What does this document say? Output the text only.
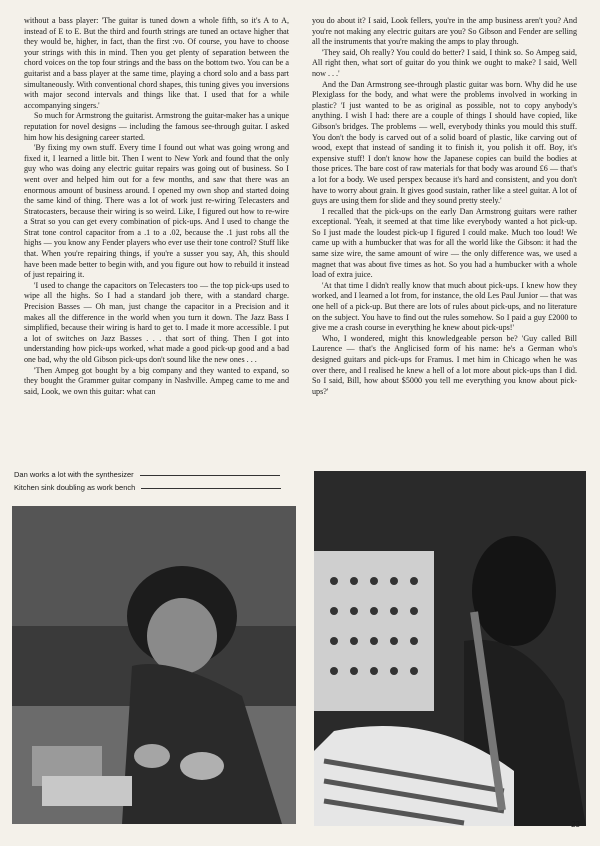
without a bass player: 'The guitar is tuned down a whole fifth, so it's A to A, instead of E to E. But the third and fourth strings are tuned an octave higher that they would be, higher, in fact, than the first :vo. Of course, you have to choose your strings with this in mind. Then you get plenty of separation between the chord voices on the top four strings and the bass on the bottom two. You can be a guitarist and a bass player at the same time, playing a chord solo and a bass part simultaneously. With conventional chord shapes, this tuning gives you inversions with major second intervals and things like that. I used that for a while accompanying singers.'

So much for Armstrong the guitarist. Armstrong the guitar-maker has a unique reputation for novel designs — including the famous see-through guitar. I asked him how his designing career started.

'By fixing my own stuff. Every time I found out what was going wrong and fixed it, I learned a little bit. Then I went to New York and found that the only guy who was doing any electric guitar repairs was going out of business. So I went over and helped him out for a few months, and saw that there was an enormous amount of business around. I opened my own shop and started doing the same kind of thing. There was a lot of work just re-wiring Telecasters and Stratocasters, because their wiring is so weird. Like, I figured out how to re-wire a Strat so you can get every combination of pick-ups. And I used to change the Strat tone control capacitor from a .1 to a .02, because the .1 just robs all the highs — you know any Fender players who ever use their tone control? Stuff like that. When you're repairing things, if you're a susser you say, Ah, this should have been made better to begin with, and you figure out how to rebuild it instead of just repairing it.

'I used to change the capacitors on Telecasters too — the top pick-ups used to wipe all the highs. So I had a standard job there, with a standard charge. Precision Basses — Oh man, just change the capacitor in a Precision and it makes all the difference in the world when you turn it down. The Jazz Bass I simplified, because their wiring is hard to get to. I made it more accessible. I put a lot of switches on Jazz Basses . . . that sort of thing. Then I got into understanding how pick-ups worked, what made a good pick-up good and a bad one bad, why the old Gibson pick-ups don't sound like the new ones . . .

'Then Ampeg got bought by a big company and they wanted to expand, so they bought the Grammer guitar company in Nashville. Ampeg came to me and said, Look, we own this guitar: what can

you do about it? I said, Look fellers, you're in the amp business aren't you? And you're not making any electric guitars are you? So Gibson and Fender are selling all the instruments that you're making the amps to play through.

'They said, Oh really? You could do better? I said, I think so. So Ampeg said, All right then, what sort of guitar do you think we ought to make? I said, Well now . . .'

And the Dan Armstrong see-through plastic guitar was born. Why did he use Plexiglass for the body, and what were the problems involved in working in plastic? 'I just wanted to be as original as possible, not to copy anybody's anything. I wish I had: there are a couple of things I should have copied, like Gibson's bridges. The problems — well, everybody thinks you mould this stuff. You don't the body is carved out of a solid board of plastic, like carving out of wood, exept that instead of sanding it to finish it, you polish it off. Boy, it's expensive stuff! I don't know how the Japanese copies can build the bodies at those prices. The bare cost of raw materials for that body was around £6 — that's a lot for a body. We used perspex because it's hard and consistent, and you don't have to worry about grain. It gives good sustain, rather like a steel guitar. A lot of guys are using them for slide and they sound pretty steely.'

I recalled that the pick-ups on the early Dan Armstrong guitars were rather exceptional. 'Yeah, it seemed at that time like everybody wanted a hot pick-up. So I just made the loudest pick-up I figured I could make. Much too loud! We came up with a humbucker that was for all the world like the Gibson: it had the same size wire, the same amount of wire — the only difference was, we used a magnet that was about five times as hot. So you had a humbucker with a whole load of extra juice.

'At that time I didn't really know that much about pick-ups. I knew how they worked, and I learned a lot from, for instance, the old Les Paul Junior — that was one hell of a pick-up. But there are lots of rules about pick-ups, and no literature on the subject. You have to find out the rules somehow. So I paid a guy £2000 to give me a crash course in everything he knew about pick-ups!'

Who, I wondered, might this knowledgeable person be? 'Guy called Bill Laurence — that's the Anglicised form of his name: he's a German who's designed guitars and pick-ups for Framus. I met him in Chicago when he was over there, and I realised he knew a hell of a lot more about pick-ups than I did. So I said, Bill, how about $5000 you tell me everything you know about pick-ups?'

Dan works a lot with the synthesizer
Kitchen sink doubling as work bench
23
